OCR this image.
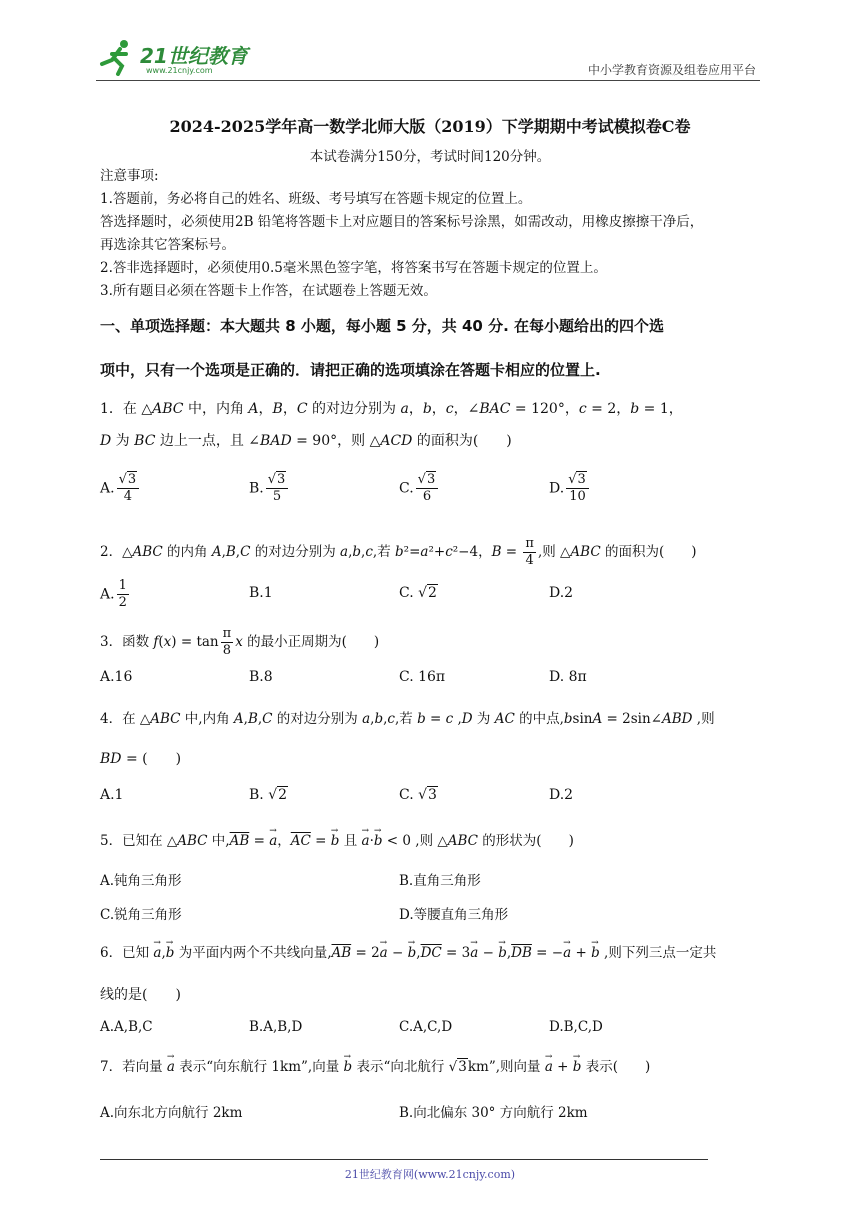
21世纪教育
www.21cnjy.com	中小学教育资源及组卷应用平台
2024-2025学年高一数学北师大版（2019）下学期期中考试模拟卷C卷
本试卷满分150分，考试时间120分钟。
注意事项:
1.答题前，务必将自己的姓名、班级、考号填写在答题卡规定的位置上。
答选择题时，必须使用2B 铅笔将答题卡上对应题目的答案标号涂黑，如需改动，用橡皮擦擦干净后，
再选涂其它答案标号。
2.答非选择题时，必须使用0.5毫米黑色签字笔，将答案书写在答题卡规定的位置上。
3.所有题目必须在答题卡上作答，在试题卷上答题无效。
一、单项选择题：本大题共 8 小题，每小题 5 分，共 40 分. 在每小题给出的四个选
项中，只有一个选项是正确的．请把正确的选项填涂在答题卡相应的位置上.
1．在 △ABC 中，内角 A，B，C 的对边分别为 a，b，c，∠BAC = 120°，c = 2，b = 1，
D 为 BC 边上一点，且 ∠BAD = 90°，则 △ACD 的面积为(　　)
A. $\frac{√3}{4}$	B. $\frac{√3}{5}$	C. $\frac{√3}{6}$	D. $\frac{√3}{10}$
2．△ABC 的内角 A,B,C 的对边分别为 a,b,c,若 b²=a²+c²−4，$B = \frac{\pi}{4}$ ,则 △ABC 的面积为(　　)
A. $\frac{1}{2}$	B.1	C. √2	D.2
3．函数 $f(x) = \tan \frac{\pi}{8}$ x 的最小正周期为(　　)
A.16	B.8	C. 16π	D. 8π
4．在 △ABC 中,内角 A,B,C 的对边分别为 a,b,c,若 b = c ,D 为 AC 的中点,bsinA = 2sin∠ABD ,则
BD = (　　)
A.1	B. √2	C. √3	D.2
5．已知在 △ABC 中$,\overline{AB}$ = → a，$\overline{AC}$ = → b 且 → a·→ b < 0 ,则 △ABC 的形状为(　　)
A.钝角三角形	B.直角三角形
C.锐角三角形	D.等腰直角三角形
6．已知 → a,→ b 为平面内两个不共线向量$,\overline{AB} = 2\to a$ − → $b,\overline{DC} = 3\to a$ − → $b,\overline{DB}$ = −→ a + → b ,则下列三点一定共
线的是(　　)
A.A,B,C	B.A,B,D	C.A,C,D	D.B,C,D
7．若向量 → a 表示“向东航行 1km”,向量 → b 表示“向北航行 √3km”,则向量 → a + → b 表示(　　)
A.向东北方向航行 2km	B.向北偏东 30° 方向航行 2km
21世纪教育网(www.21cnjy.com)
